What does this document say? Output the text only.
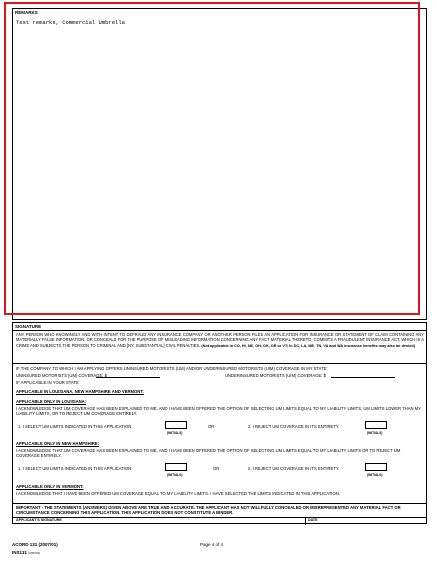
REMARKS
Test remarks, Commercial Umbrella
SIGNATURE
ANY PERSON WHO KNOWINGLY AND WITH INTENT TO DEFRAUD ANY INSURANCE COMPANY OR ANOTHER PERSON FILES AN APPLICATION FOR INSURANCE OR STATEMENT OF CLAIM CONTAINING ANY MATERIALLY FALSE INFORMATION, OR CONCEALS FOR THE PURPOSE OF MISLEADING INFORMATION CONCERNING ANY FACT MATERIAL THERETO, COMMITS A FRAUDULENT INSURANCE ACT, WHICH IS A CRIME AND SUBJECTS THE PERSON TO CRIMINAL AND [NY: SUBSTANTIAL] CIVIL PENALTIES. (Not applicable in CO, HI, NE, OH, OK, OR or VT; in DC, LA, ME, TN, VA and WA insurance benefits may also be denied)
IF THE COMPANY TO WHICH I AM APPLYING OFFERS UNINSURED MOTORISTS (UM) AND/OR UNDERINSURED MOTORISTS (UIM) COVERAGE IN MY STATE:
UNINSURED MOTORISTS (UM) COVERAGE: $	UNDERINSURED MOTORISTS (UIM) COVERAGE: $
IF APPLICABLE IN YOUR STATE
APPLICABLE IN LOUISIANA, NEW HAMPSHIRE AND VERMONT:
APPLICABLE ONLY IN LOUISIANA:
I ACKNOWLEDGE THAT UM COVERAGE HAS BEEN EXPLAINED TO ME, AND I HAVE BEEN OFFERED THE OPTION OF SELECTING UM LIMITS EQUAL TO MY LIABILITY LIMITS, UM LIMITS LOWER THAN MY LIABILITY LIMITS, OR TO REJECT UM COVERAGE ENTIRELY.
1. I SELECT UM LIMITS INDICATED IN THIS APPLICATION.
(INITIALS)
OR	2. I REJECT UM COVERAGE IN ITS ENTIRETY.
(INITIALS)
APPLICABLE ONLY IN NEW HAMPSHIRE:
I ACKNOWLEDGE THAT UM COVERAGE HAS BEEN EXPLAINED TO ME, AND I HAVE BEEN OFFERED THE OPTION OF SELECTING UM LIMITS EQUAL TO MY LIABILITY LIMITS OR TO REJECT UM COVERAGE ENTIRELY.
1. I SELECT UM LIMITS INDICATED IN THIS APPLICATION.
(INITIALS)
OR	2. I REJECT UM COVERAGE IN ITS ENTIRETY.
(INITIALS)
APPLICABLE ONLY IN VERMONT:
I ACKNOWLEDGE THAT I HAVE BEEN OFFERED UM COVERAGE EQUAL TO MY LIABILITY LIMITS. I HAVE SELECTED THE LIMITS INDICATED IN THIS APPLICATION.
IMPORTANT - THE STATEMENTS (ANSWERS) GIVEN ABOVE ARE TRUE AND ACCURATE. THE APPLICANT HAS NOT WILLFULLY CONCEALED OR MISREPRESENTED ANY MATERIAL FACT OR CIRCUMSTANCE CONCERNING THIS APPLICATION. THIS APPLICATION DOES NOT CONSTITUTE A BINDER.
APPLICANT'S SIGNATURE	DATE
ACORD 131 (2007/01)
INS131 (200701)
Page 4 of 4
